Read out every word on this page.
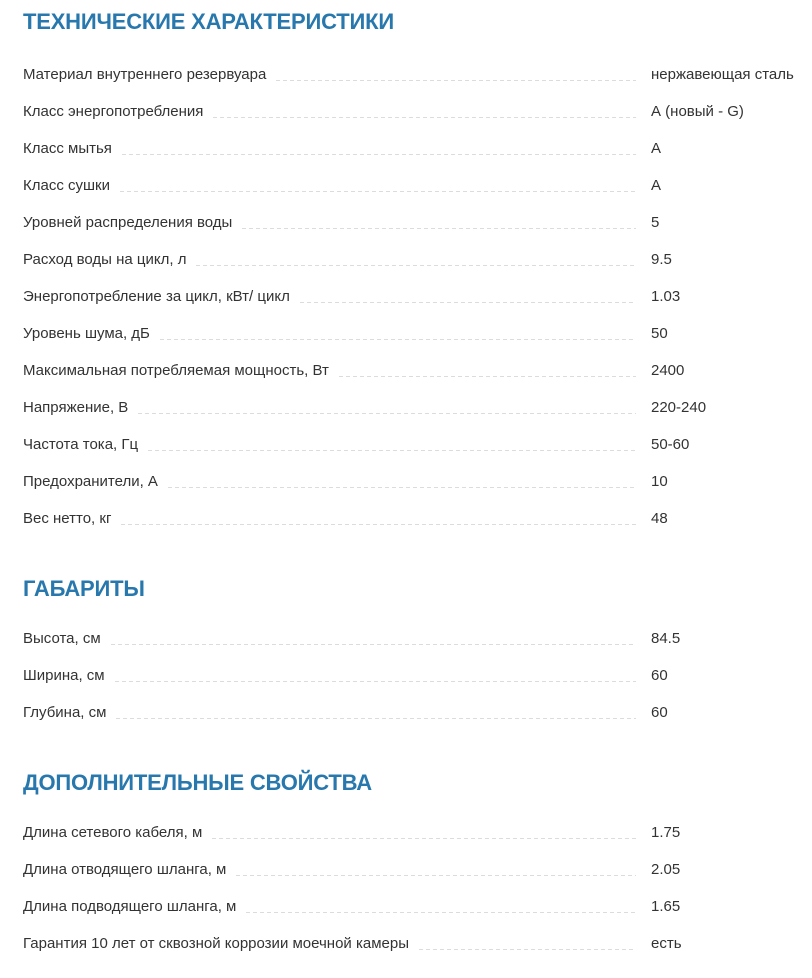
ТЕХНИЧЕСКИЕ ХАРАКТЕРИСТИКИ
Материал внутреннего резервуара	нержавеющая сталь
Класс энергопотребления	А (новый - G)
Класс мытья	А
Класс сушки	А
Уровней распределения воды	5
Расход воды на цикл, л	9.5
Энергопотребление за цикл, кВт/ цикл	1.03
Уровень шума, дБ	50
Максимальная потребляемая мощность, Вт	2400
Напряжение, В	220-240
Частота тока, Гц	50-60
Предохранители, А	10
Вес нетто, кг	48
ГАБАРИТЫ
Высота, см	84.5
Ширина, см	60
Глубина, см	60
ДОПОЛНИТЕЛЬНЫЕ СВОЙСТВА
Длина сетевого кабеля, м	1.75
Длина отводящего шланга, м	2.05
Длина подводящего шланга, м	1.65
Гарантия 10 лет от сквозной коррозии моечной камеры	есть
